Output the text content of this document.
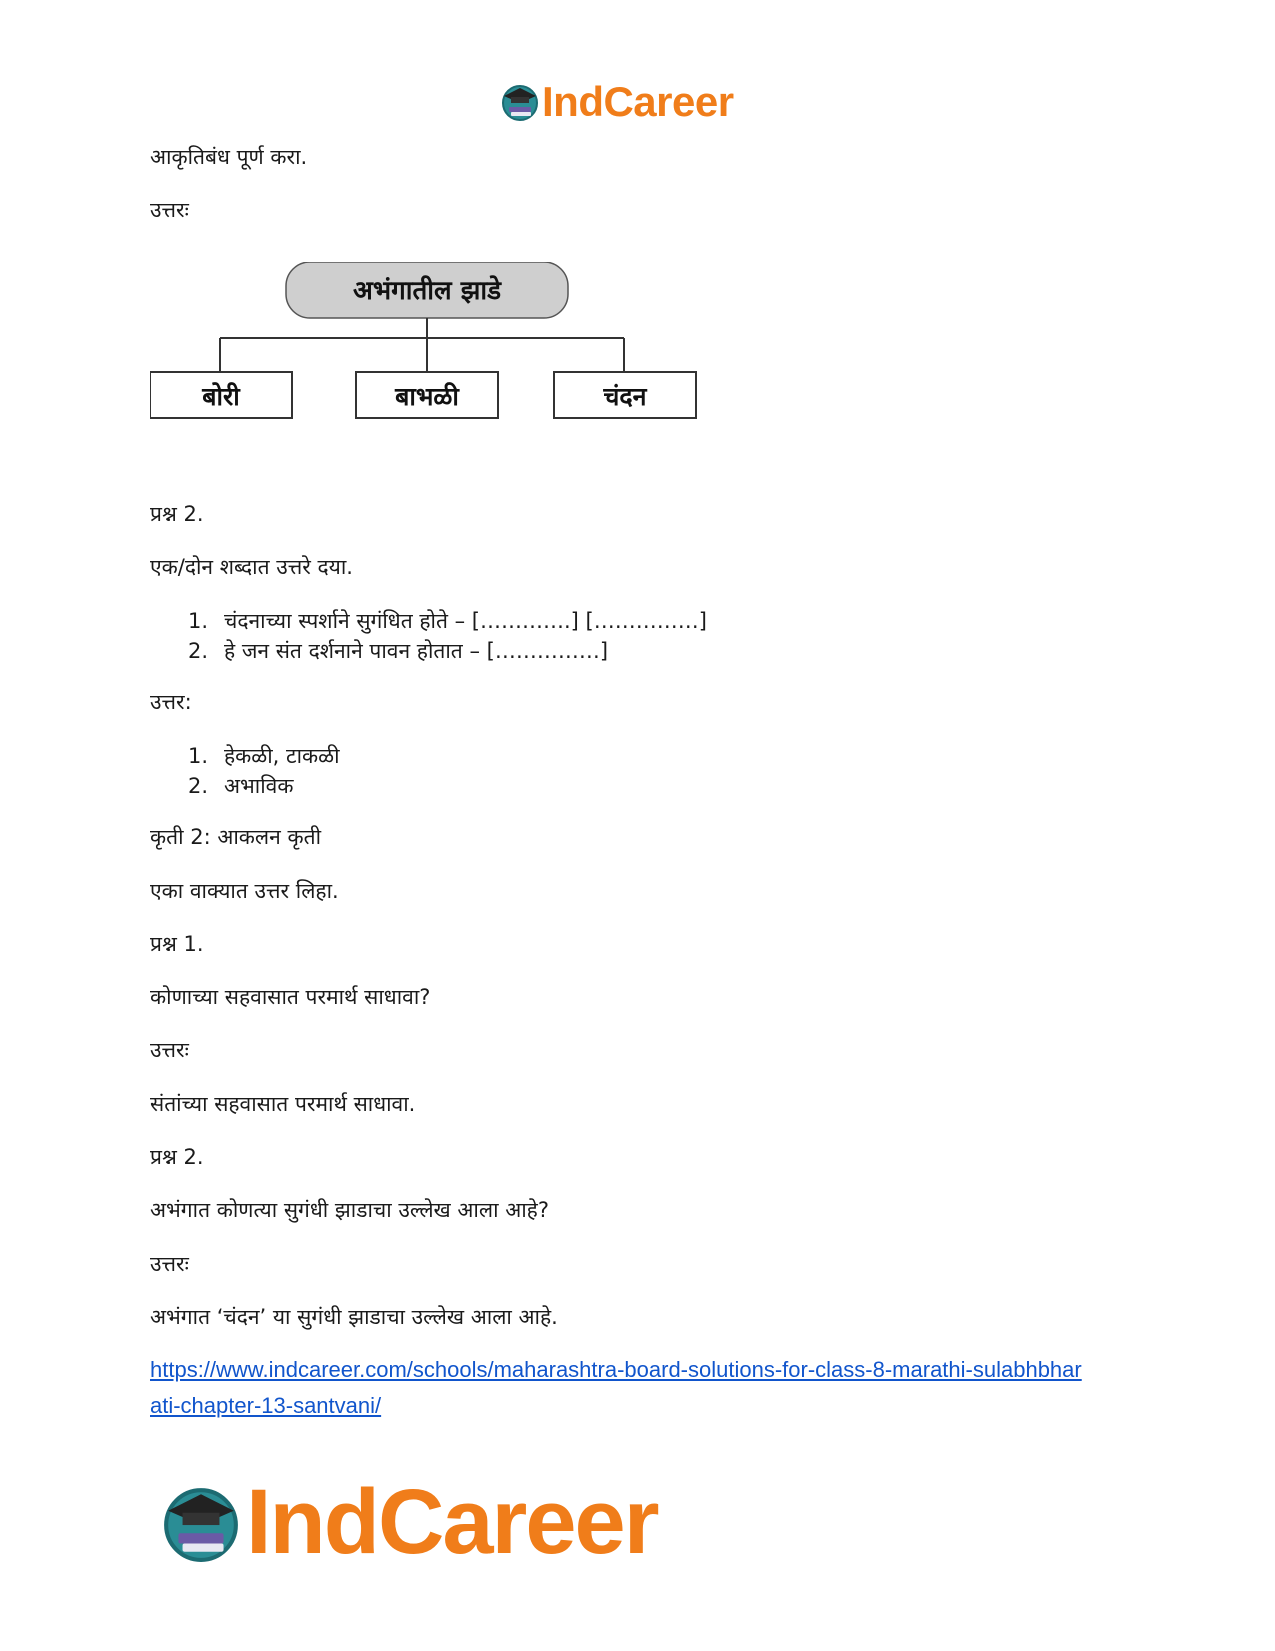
IndCareer
आकृतिबंध पूर्ण करा.
उत्तरः
अभंगातील झाडे
बोरी	बाभळी	चंदन
प्रश्न 2.
एक/दोन शब्दात उत्तरे दया.
1. चंदनाच्या स्पर्शाने सुगंधित होते – [………….] [……………]
2. हे जन संत दर्शनाने पावन होतात – [……………]
उत्तर:
1. हेकळी, टाकळी
2. अभाविक
कृती 2: आकलन कृती
एका वाक्यात उत्तर लिहा.
प्रश्न 1.
कोणाच्या सहवासात परमार्थ साधावा?
उत्तरः
संतांच्या सहवासात परमार्थ साधावा.
प्रश्न 2.
अभंगात कोणत्या सुगंधी झाडाचा उल्लेख आला आहे?
उत्तरः
अभंगात ‘चंदन’ या सुगंधी झाडाचा उल्लेख आला आहे.
https://www.indcareer.com/schools/maharashtra-board-solutions-for-class-8-marathi-sulabhbhar
ati-chapter-13-santvani/
IndCareer
